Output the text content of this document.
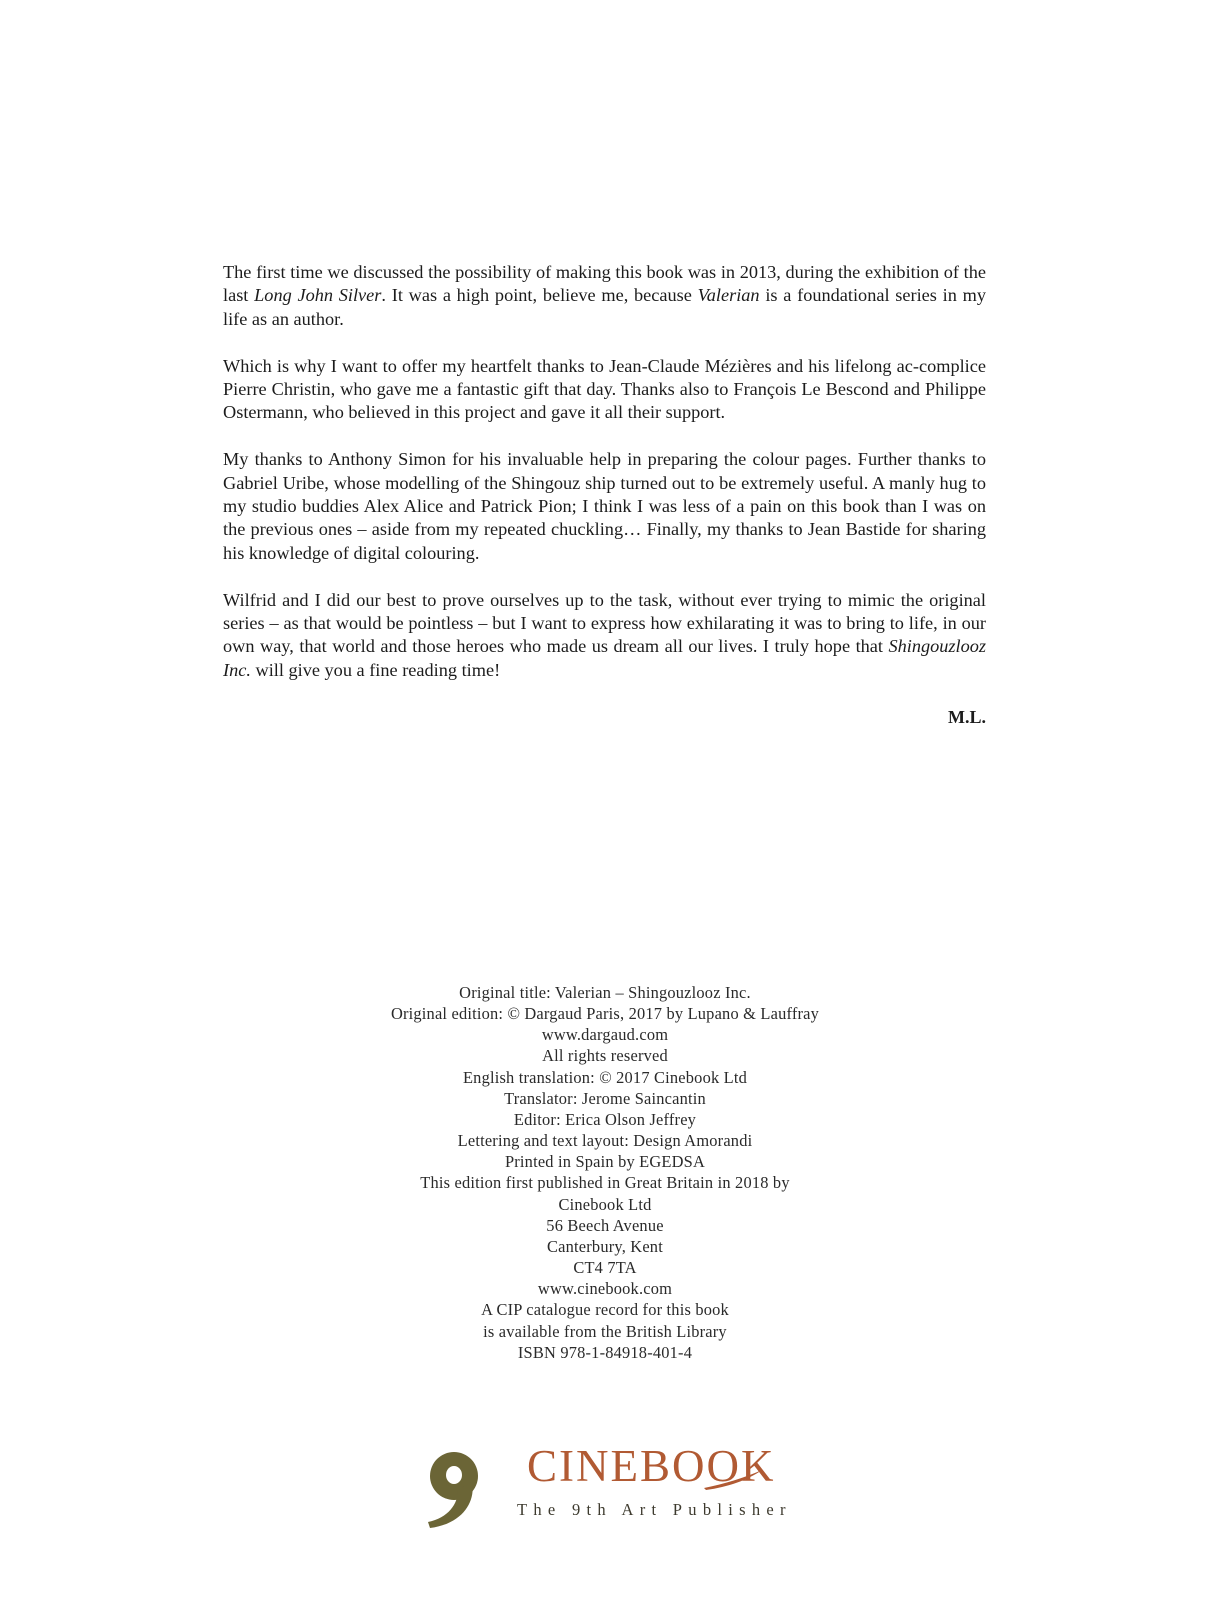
The first time we discussed the possibility of making this book was in 2013, during the exhibition of the last Long John Silver. It was a high point, believe me, because Valerian is a foundational series in my life as an author.

Which is why I want to offer my heartfelt thanks to Jean-Claude Mézières and his lifelong ac-complice Pierre Christin, who gave me a fantastic gift that day. Thanks also to François Le Bescond and Philippe Ostermann, who believed in this project and gave it all their support.

My thanks to Anthony Simon for his invaluable help in preparing the colour pages. Further thanks to Gabriel Uribe, whose modelling of the Shingouz ship turned out to be extremely useful. A manly hug to my studio buddies Alex Alice and Patrick Pion; I think I was less of a pain on this book than I was on the previous ones – aside from my repeated chuckling… Finally, my thanks to Jean Bastide for sharing his knowledge of digital colouring.

Wilfrid and I did our best to prove ourselves up to the task, without ever trying to mimic the original series – as that would be pointless – but I want to express how exhilarating it was to bring to life, in our own way, that world and those heroes who made us dream all our lives. I truly hope that Shingouzlooz Inc. will give you a fine reading time!

M.L.
Original title: Valerian – Shingouzlooz Inc.
Original edition: © Dargaud Paris, 2017 by Lupano & Lauffray
www.dargaud.com
All rights reserved
English translation: © 2017 Cinebook Ltd
Translator: Jerome Saincantin
Editor: Erica Olson Jeffrey
Lettering and text layout: Design Amorandi
Printed in Spain by EGEDSA
This edition first published in Great Britain in 2018 by
Cinebook Ltd
56 Beech Avenue
Canterbury, Kent
CT4 7TA
www.cinebook.com
A CIP catalogue record for this book
is available from the British Library
ISBN 978-1-84918-401-4
th CINEBOOK
The 9th Art Publisher
